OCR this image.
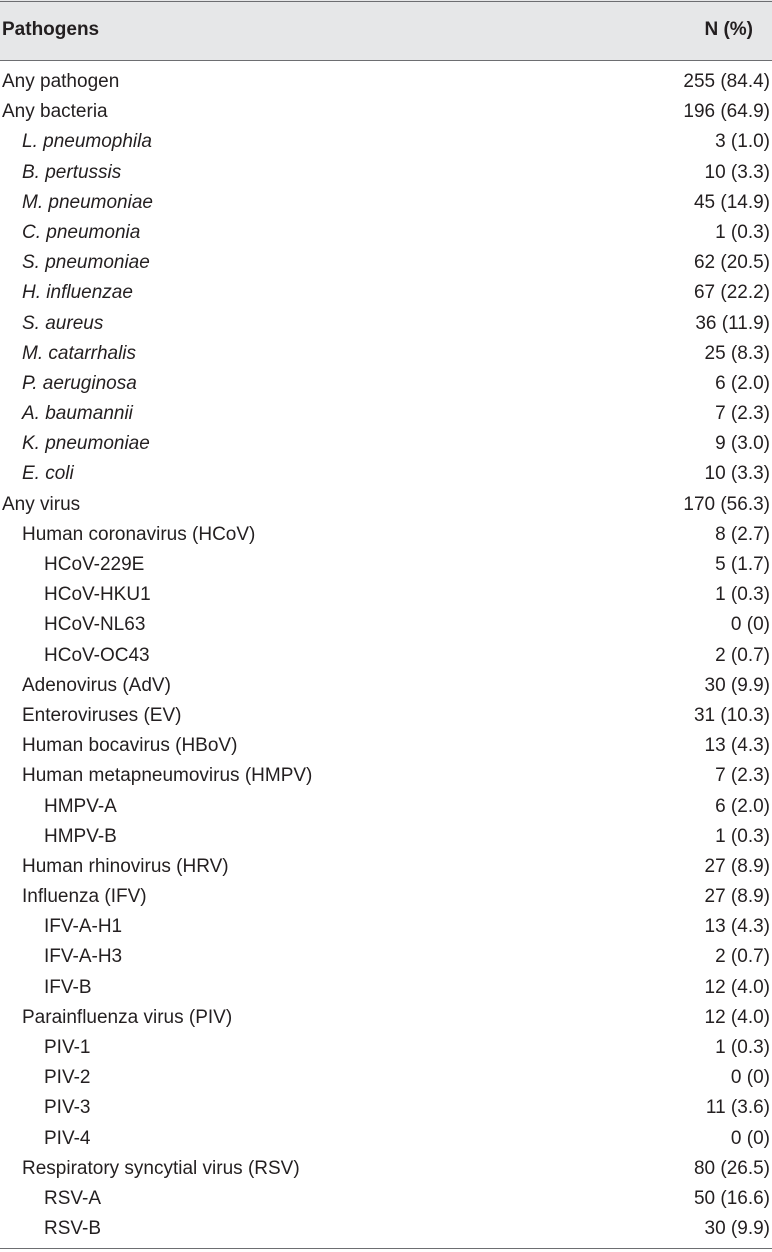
Pathogens	N (%)
Any pathogen	255 (84.4)
Any bacteria	196 (64.9)
L. pneumophila	3 (1.0)
B. pertussis	10 (3.3)
M. pneumoniae	45 (14.9)
C. pneumonia	1 (0.3)
S. pneumoniae	62 (20.5)
H. influenzae	67 (22.2)
S. aureus	36 (11.9)
M. catarrhalis	25 (8.3)
P. aeruginosa	6 (2.0)
A. baumannii	7 (2.3)
K. pneumoniae	9 (3.0)
E. coli	10 (3.3)
Any virus	170 (56.3)
Human coronavirus (HCoV)	8 (2.7)
HCoV-229E	5 (1.7)
HCoV-HKU1	1 (0.3)
HCoV-NL63	0 (0)
HCoV-OC43	2 (0.7)
Adenovirus (AdV)	30 (9.9)
Enteroviruses (EV)	31 (10.3)
Human bocavirus (HBoV)	13 (4.3)
Human metapneumovirus (HMPV)	7 (2.3)
HMPV-A	6 (2.0)
HMPV-B	1 (0.3)
Human rhinovirus (HRV)	27 (8.9)
Influenza (IFV)	27 (8.9)
IFV-A-H1	13 (4.3)
IFV-A-H3	2 (0.7)
IFV-B	12 (4.0)
Parainfluenza virus (PIV)	12 (4.0)
PIV-1	1 (0.3)
PIV-2	0 (0)
PIV-3	11 (3.6)
PIV-4	0 (0)
Respiratory syncytial virus (RSV)	80 (26.5)
RSV-A	50 (16.6)
RSV-B	30 (9.9)
